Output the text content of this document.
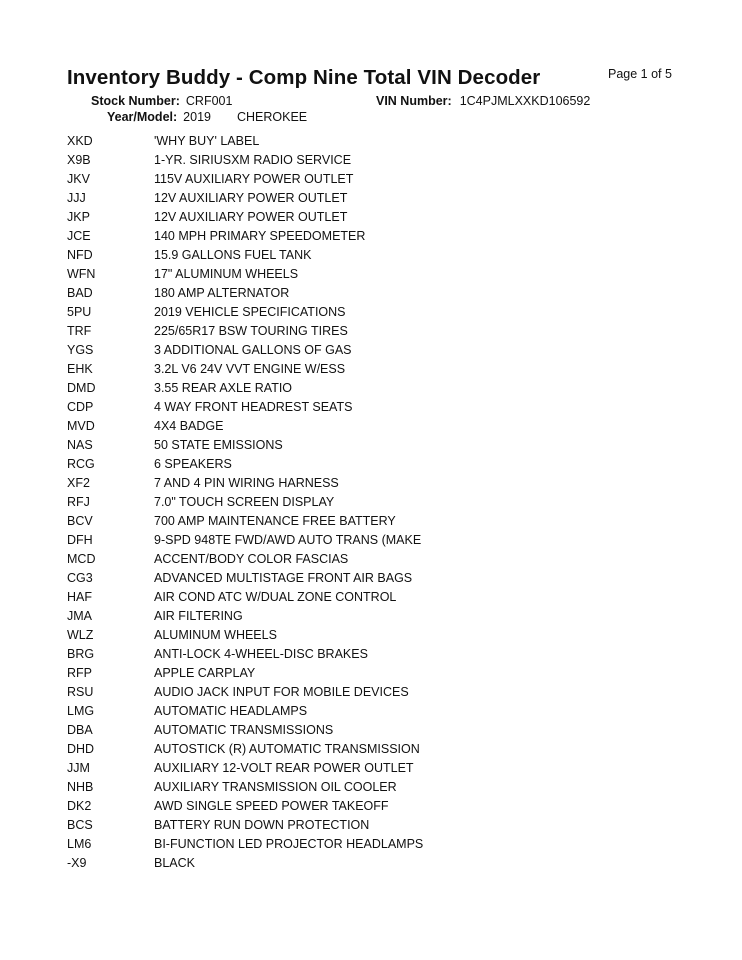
Inventory Buddy - Comp Nine Total VIN Decoder	Page 1 of 5
Stock Number: CRF001	VIN Number: 1C4PJMLXXKD106592
Year/Model: 2019 CHEROKEE
XKD	'WHY BUY' LABEL
X9B	1-YR. SIRIUSXM RADIO SERVICE
JKV	115V AUXILIARY POWER OUTLET
JJJ	12V AUXILIARY POWER OUTLET
JKP	12V AUXILIARY POWER OUTLET
JCE	140 MPH PRIMARY SPEEDOMETER
NFD	15.9 GALLONS FUEL TANK
WFN	17" ALUMINUM WHEELS
BAD	180 AMP ALTERNATOR
5PU	2019 VEHICLE SPECIFICATIONS
TRF	225/65R17 BSW TOURING TIRES
YGS	3 ADDITIONAL GALLONS OF GAS
EHK	3.2L V6 24V VVT ENGINE W/ESS
DMD	3.55 REAR AXLE RATIO
CDP	4 WAY FRONT HEADREST SEATS
MVD	4X4 BADGE
NAS	50 STATE EMISSIONS
RCG	6 SPEAKERS
XF2	7 AND 4 PIN WIRING HARNESS
RFJ	7.0" TOUCH SCREEN DISPLAY
BCV	700 AMP MAINTENANCE FREE BATTERY
DFH	9-SPD 948TE FWD/AWD AUTO TRANS (MAKE
MCD	ACCENT/BODY COLOR FASCIAS
CG3	ADVANCED MULTISTAGE FRONT AIR BAGS
HAF	AIR COND ATC W/DUAL ZONE CONTROL
JMA	AIR FILTERING
WLZ	ALUMINUM WHEELS
BRG	ANTI-LOCK 4-WHEEL-DISC BRAKES
RFP	APPLE CARPLAY
RSU	AUDIO JACK INPUT FOR MOBILE DEVICES
LMG	AUTOMATIC HEADLAMPS
DBA	AUTOMATIC TRANSMISSIONS
DHD	AUTOSTICK (R) AUTOMATIC TRANSMISSION
JJM	AUXILIARY 12-VOLT REAR POWER OUTLET
NHB	AUXILIARY TRANSMISSION OIL COOLER
DK2	AWD SINGLE SPEED POWER TAKEOFF
BCS	BATTERY RUN DOWN PROTECTION
LM6	BI-FUNCTION LED PROJECTOR HEADLAMPS
-X9	BLACK
